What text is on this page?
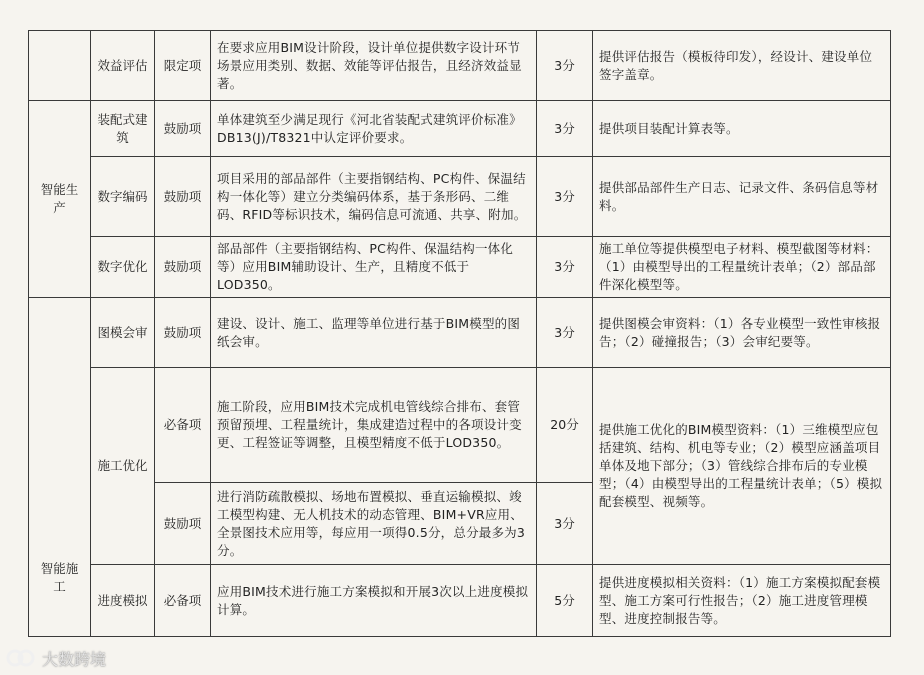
	效益评估	限定项	在要求应用BIM设计阶段，设计单位提供数字设计环节场景应用类别、数据、效能等评估报告，且经济效益显著。	3分	提供评估报告（模板待印发），经设计、建设单位签字盖章。
智能生产	装配式建筑	鼓励项	单体建筑至少满足现行《河北省装配式建筑评价标准》DB13(J)/T8321中认定评价要求。	3分	提供项目装配计算表等。
	数字编码	鼓励项	项目采用的部品部件（主要指钢结构、PC构件、保温结构一体化等）建立分类编码体系，基于条形码、二维码、RFID等标识技术，编码信息可流通、共享、附加。	3分	提供部品部件生产日志、记录文件、条码信息等材料。
	数字优化	鼓励项	部品部件（主要指钢结构、PC构件、保温结构一体化等）应用BIM辅助设计、生产，且精度不低于LOD350。	3分	施工单位等提供模型电子材料、模型截图等材料：（1）由模型导出的工程量统计表单；（2）部品部件深化模型等。
智能施工	图模会审	鼓励项	建设、设计、施工、监理等单位进行基于BIM模型的图纸会审。	3分	提供图模会审资料：（1）各专业模型一致性审核报告；（2）碰撞报告；（3）会审纪要等。
	施工优化	必备项	施工阶段，应用BIM技术完成机电管线综合排布、套管预留预埋、工程量统计，集成建造过程中的各项设计变更、工程签证等调整，且模型精度不低于LOD350。	20分	提供施工优化的BIM模型资料：（1）三维模型应包括建筑、结构、机电等专业；（2）模型应涵盖项目单体及地下部分；（3）管线综合排布后的专业模型；（4）由模型导出的工程量统计表单；（5）模拟配套模型、视频等。
		鼓励项	进行消防疏散模拟、场地布置模拟、垂直运输模拟、竣工模型构建、无人机技术的动态管理、BIM+VR应用、全景图技术应用等，每应用一项得0.5分，总分最多为3分。	3分	
	进度模拟	必备项	应用BIM技术进行施工方案模拟和开展3次以上进度模拟计算。	5分	提供进度模拟相关资料：（1）施工方案模拟配套模型、施工方案可行性报告；（2）施工进度管理模型、进度控制报告等。
大数跨境
